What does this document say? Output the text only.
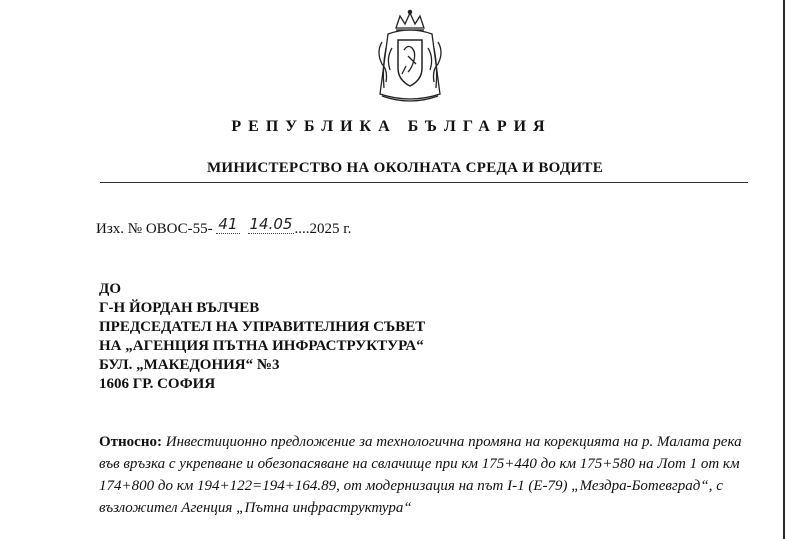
РЕПУБЛИКА БЪЛГАРИЯ
МИНИСТЕРСТВО НА ОКОЛНАТА СРЕДА И ВОДИТЕ
Изх. № ОВОС-55- 41 14.05 ....2025 г.
ДО
Г-Н ЙОРДАН ВЪЛЧЕВ
ПРЕДСЕДАТЕЛ НА УПРАВИТЕЛНИЯ СЪВЕТ
НА „АГЕНЦИЯ ПЪТНА ИНФРАСТРУКТУРА“
БУЛ. „МАКЕДОНИЯ“ №3
1606 ГР. СОФИЯ
Относно: Инвестиционно предложение за технологична промяна на корекцията на р. Малата река във връзка с укрепване и обезопасяване на свлачище при км 175+440 до км 175+580 на Лот 1 от км 174+800 до км 194+122=194+164.89, от модернизация на път I-1 (Е-79) „Мездра-Ботевград“, с възложител Агенция „Пътна инфраструктура“
